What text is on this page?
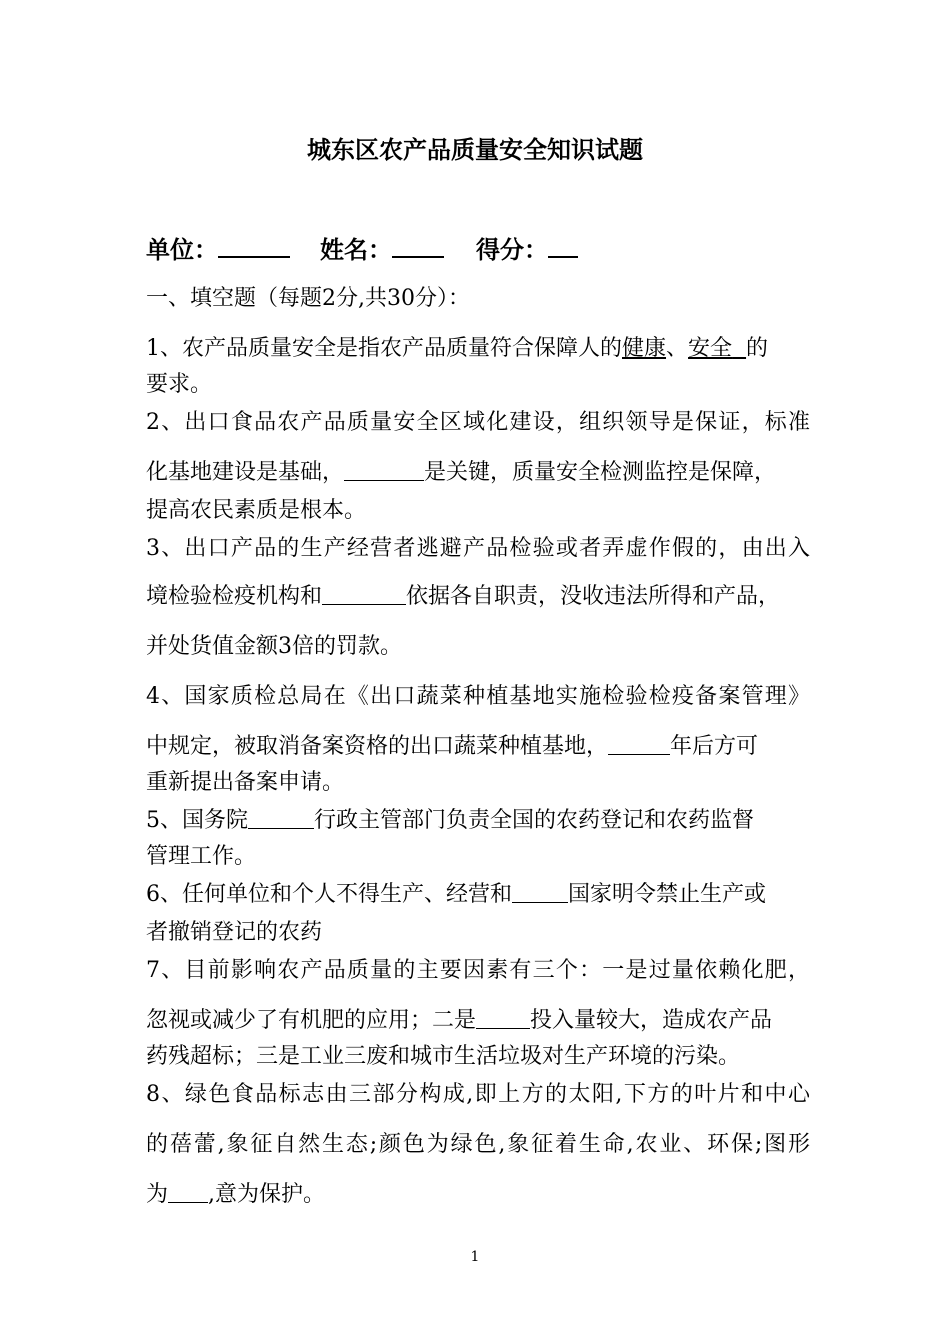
城东区农产品质量安全知识试题
单位：	姓名：	得分：
一、填空题（每题2分,共30分）：
1、农产品质量安全是指农产品质量符合保障人的健康、安全 的
要求。
2、出口食品农产品质量安全区域化建设，组织领导是保证，标准
化基地建设是基础，	是关键，质量安全检测监控是保障，
提高农民素质是根本。
3、出口产品的生产经营者逃避产品检验或者弄虚作假的，由出入
境检验检疫机构和	依据各自职责，没收违法所得和产品，
并处货值金额3倍的罚款。
4、国家质检总局在《出口蔬菜种植基地实施检验检疫备案管理》
中规定，被取消备案资格的出口蔬菜种植基地，	年后方可
重新提出备案申请。
5、国务院	行政主管部门负责全国的农药登记和农药监督
管理工作。
6、任何单位和个人不得生产、经营和	国家明令禁止生产或
者撤销登记的农药
7、目前影响农产品质量的主要因素有三个：一是过量依赖化肥，
忽视或减少了有机肥的应用；二是 投入量较大，造成农产品
药残超标；三是工业三废和城市生活垃圾对生产环境的污染。
8、绿色食品标志由三部分构成,即上方的太阳,下方的叶片和中心
的蓓蕾,象征自然生态;颜色为绿色,象征着生命,农业、环保;图形
为 ,意为保护。
1
